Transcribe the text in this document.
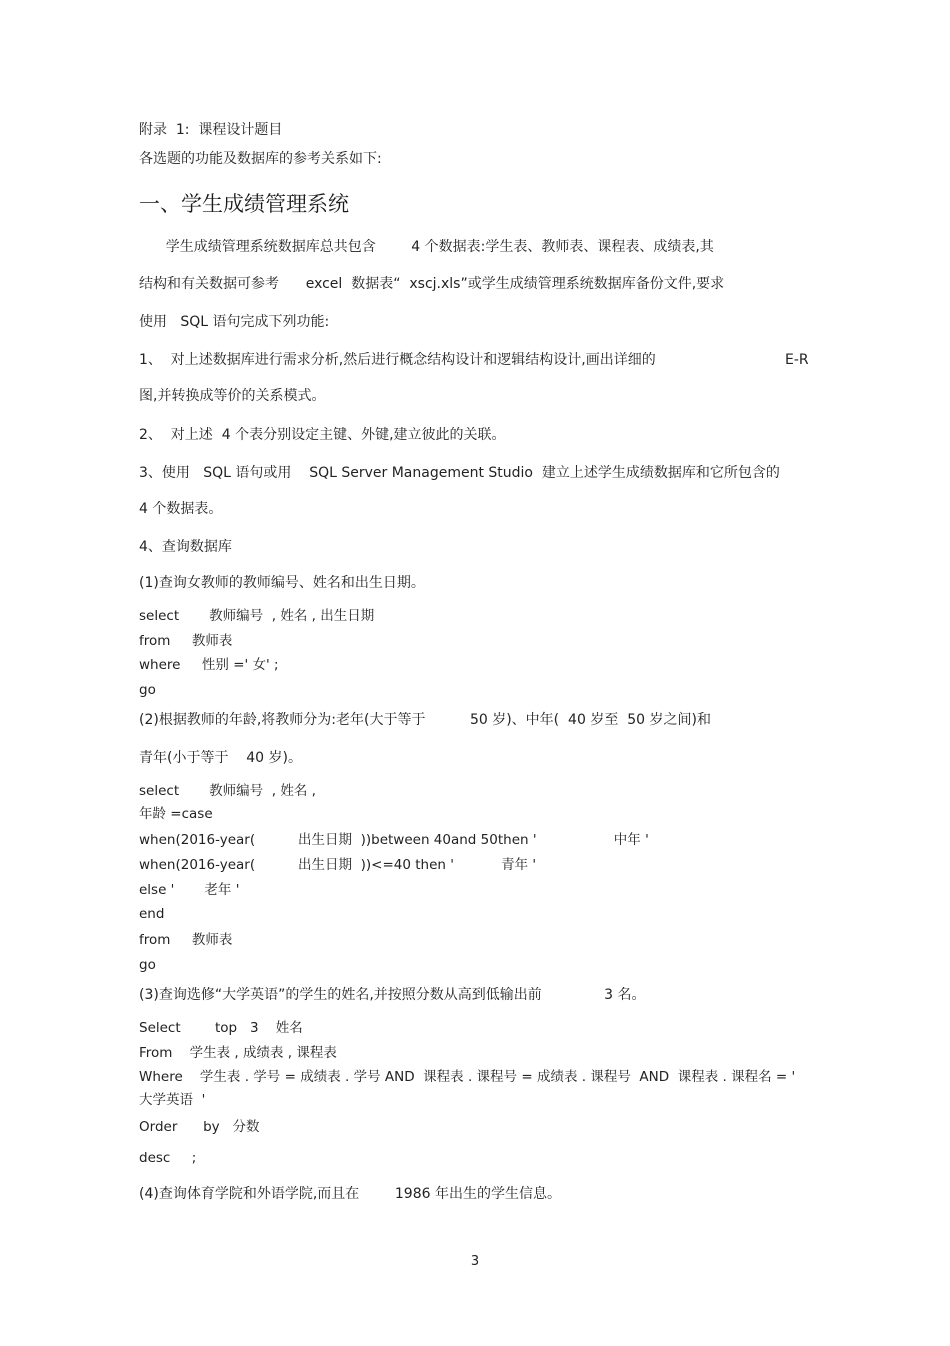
附录  1:  课程设计题目
各选题的功能及数据库的参考关系如下:
一、学生成绩管理系统
学生成绩管理系统数据库总共包含        4 个数据表:学生表、教师表、课程表、成绩表,其
结构和有关数据可参考      excel  数据表“  xscj.xls”或学生成绩管理系统数据库备份文件,要求
使用   SQL 语句完成下列功能:
1、  对上述数据库进行需求分析,然后进行概念结构设计和逻辑结构设计,画出详细的	E-R
图,并转换成等价的关系模式。
2、  对上述  4 个表分别设定主键、外键,建立彼此的关联。
3、使用   SQL 语句或用    SQL Server Management Studio  建立上述学生成绩数据库和它所包含的
4 个数据表。
4、查询数据库
(1)查询女教师的教师编号、姓名和出生日期。
select       教师编号  , 姓名 , 出生日期
from     教师表
where     性别 =' 女' ;
go
(2)根据教师的年龄,将教师分为:老年(大于等于          50 岁)、中年(  40 岁至  50 岁之间)和
青年(小于等于    40 岁)。
select       教师编号  , 姓名 ,
年龄 =case
when(2016-year(          出生日期  ))between 40and 50then '                  中年 '
when(2016-year(          出生日期  ))<=40 then '           青年 '
else '       老年 '
end
from     教师表
go
(3)查询选修“大学英语”的学生的姓名,并按照分数从高到低输出前              3 名。
Select        top   3    姓名
From    学生表 , 成绩表 , 课程表
Where    学生表 . 学号 = 成绩表 . 学号 AND  课程表 . 课程号 = 成绩表 . 课程号  AND  课程表 . 课程名 = '
大学英语  '
Order      by   分数
desc     ;
(4)查询体育学院和外语学院,而且在        1986 年出生的学生信息。
3
